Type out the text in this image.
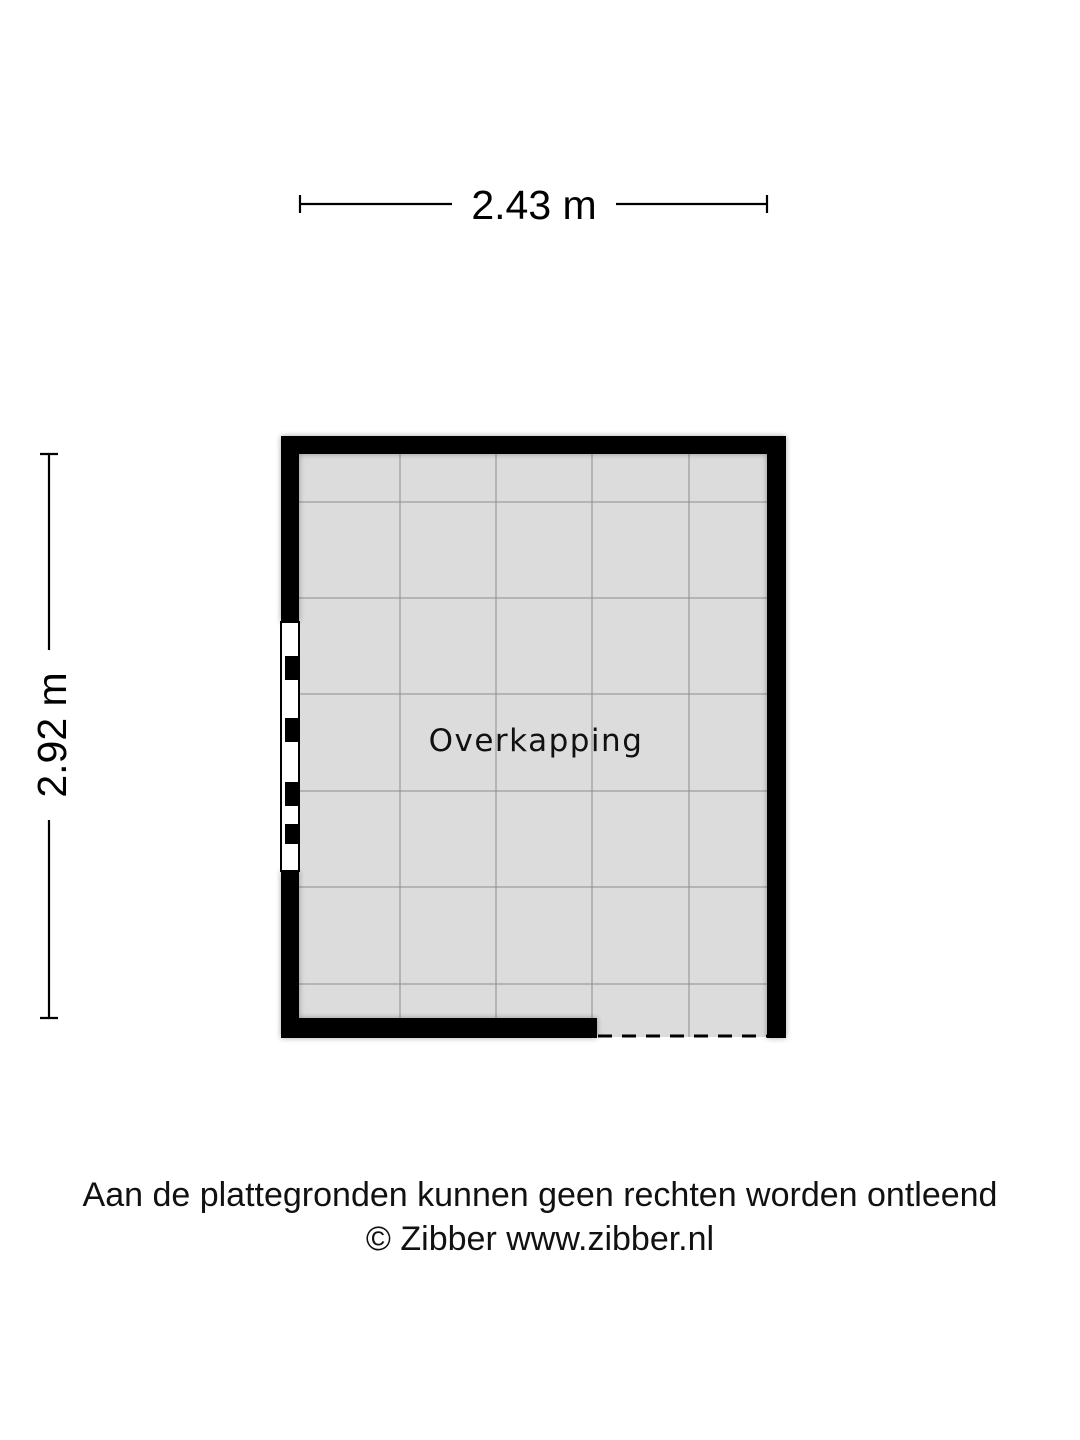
2.43 m
2.92 m	Overkapping

Aan de plattegronden kunnen geen rechten worden ontleend

© Zibber www.zibber.nl
